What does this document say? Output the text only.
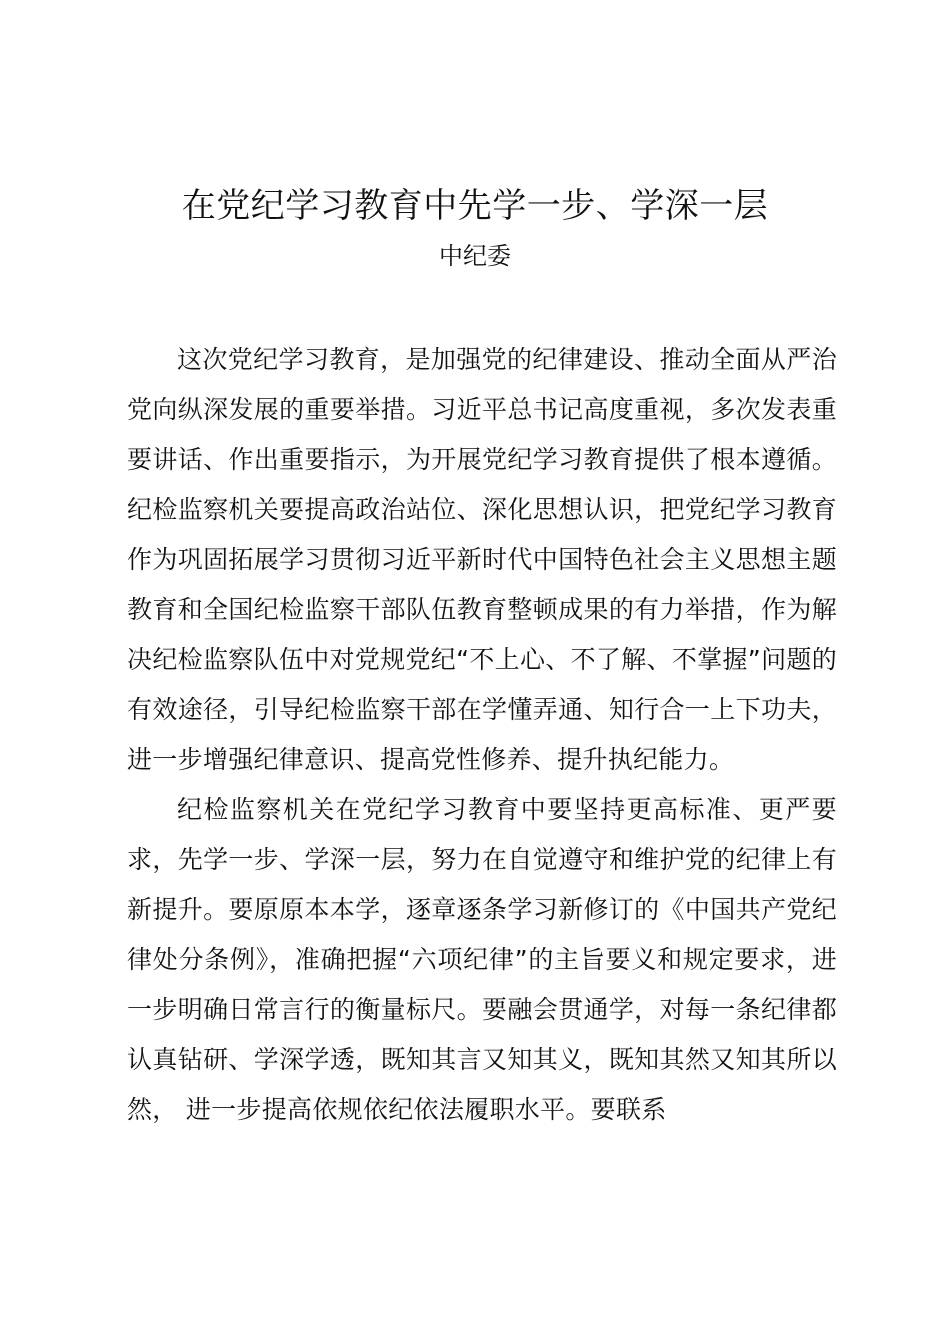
在党纪学习教育中先学一步、学深一层
中纪委

这次党纪学习教育，是加强党的纪律建设、推动全面从严治党向纵深发展的重要举措。习近平总书记高度重视，多次发表重要讲话、作出重要指示，为开展党纪学习教育提供了根本遵循。纪检监察机关要提高政治站位、深化思想认识，把党纪学习教育作为巩固拓展学习贯彻习近平新时代中国特色社会主义思想主题教育和全国纪检监察干部队伍教育整顿成果的有力举措，作为解决纪检监察队伍中对党规党纪“不上心、不了解、不掌握”问题的有效途径，引导纪检监察干部在学懂弄通、知行合一上下功夫，进一步增强纪律意识、提高党性修养、提升执纪能力。

纪检监察机关在党纪学习教育中要坚持更高标准、更严要求，先学一步、学深一层，努力在自觉遵守和维护党的纪律上有新提升。要原原本本学，逐章逐条学习新修订的《中国共产党纪律处分条例》，准确把握“六项纪律”的主旨要义和规定要求，进一步明确日常言行的衡量标尺。要融会贯通学，对每一条纪律都认真钻研、学深学透，既知其言又知其义，既知其然又知其所以然， 进一步提高依规依纪依法履职水平。要联系
